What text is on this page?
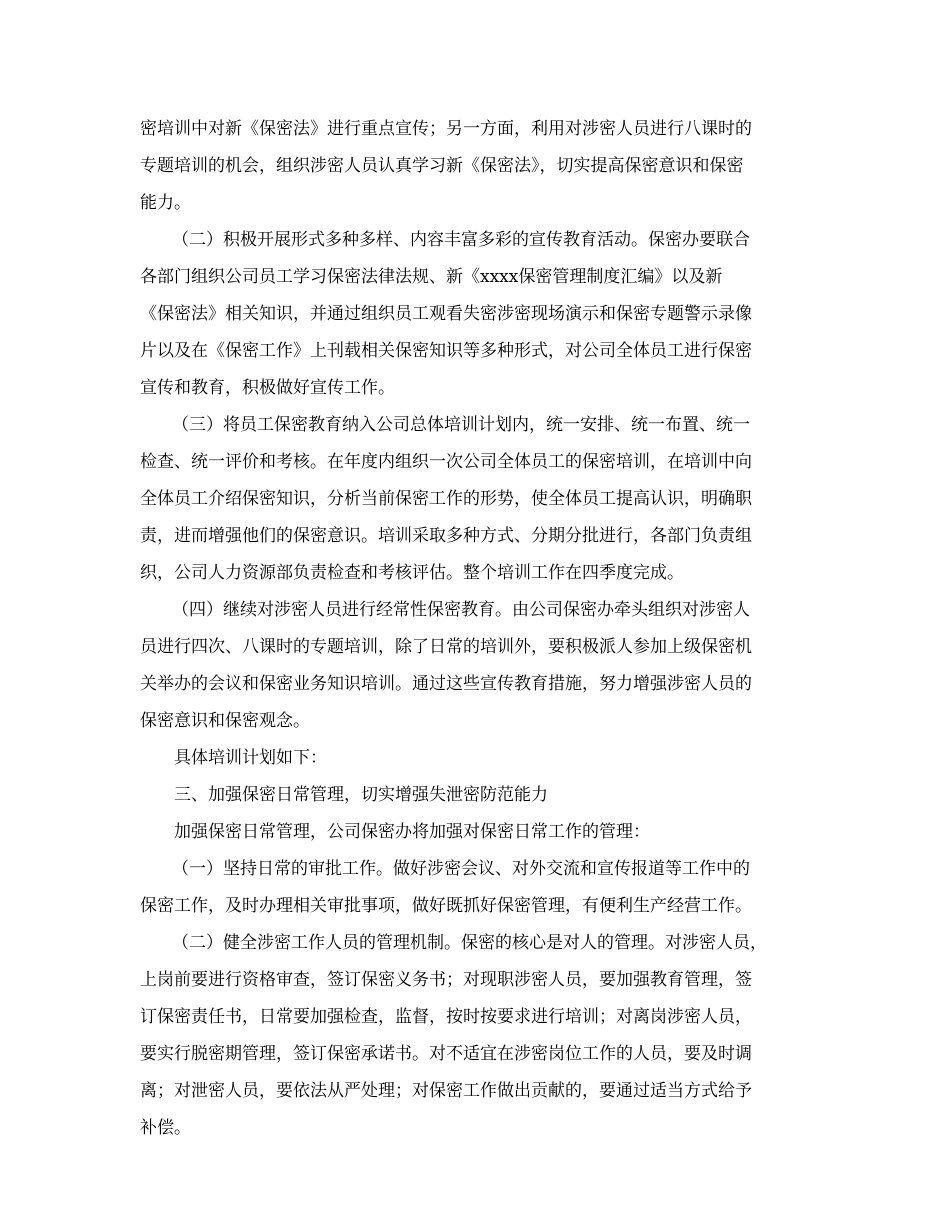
密培训中对新《保密法》进行重点宣传；另一方面，利用对涉密人员进行八课时的
专题培训的机会，组织涉密人员认真学习新《保密法》，切实提高保密意识和保密
能力。
（二）积极开展形式多种多样、内容丰富多彩的宣传教育活动。保密办要联合
各部门组织公司员工学习保密法律法规、新《xxxx保密管理制度汇编》以及新
《保密法》相关知识，并通过组织员工观看失密涉密现场演示和保密专题警示录像
片以及在《保密工作》上刊载相关保密知识等多种形式，对公司全体员工进行保密
宣传和教育，积极做好宣传工作。
（三）将员工保密教育纳入公司总体培训计划内，统一安排、统一布置、统一
检查、统一评价和考核。在年度内组织一次公司全体员工的保密培训，在培训中向
全体员工介绍保密知识，分析当前保密工作的形势，使全体员工提高认识，明确职
责，进而增强他们的保密意识。培训采取多种方式、分期分批进行，各部门负责组
织，公司人力资源部负责检查和考核评估。整个培训工作在四季度完成。
（四）继续对涉密人员进行经常性保密教育。由公司保密办牵头组织对涉密人
员进行四次、八课时的专题培训，除了日常的培训外，要积极派人参加上级保密机
关举办的会议和保密业务知识培训。通过这些宣传教育措施，努力增强涉密人员的
保密意识和保密观念。
具体培训计划如下：
三、加强保密日常管理，切实增强失泄密防范能力
加强保密日常管理，公司保密办将加强对保密日常工作的管理：
（一）坚持日常的审批工作。做好涉密会议、对外交流和宣传报道等工作中的
保密工作，及时办理相关审批事项，做好既抓好保密管理，有便利生产经营工作。
（二）健全涉密工作人员的管理机制。保密的核心是对人的管理。对涉密人员，
上岗前要进行资格审查，签订保密义务书；对现职涉密人员，要加强教育管理，签
订保密责任书，日常要加强检查，监督，按时按要求进行培训；对离岗涉密人员，
要实行脱密期管理，签订保密承诺书。对不适宜在涉密岗位工作的人员，要及时调
离；对泄密人员，要依法从严处理；对保密工作做出贡献的，要通过适当方式给予
补偿。
